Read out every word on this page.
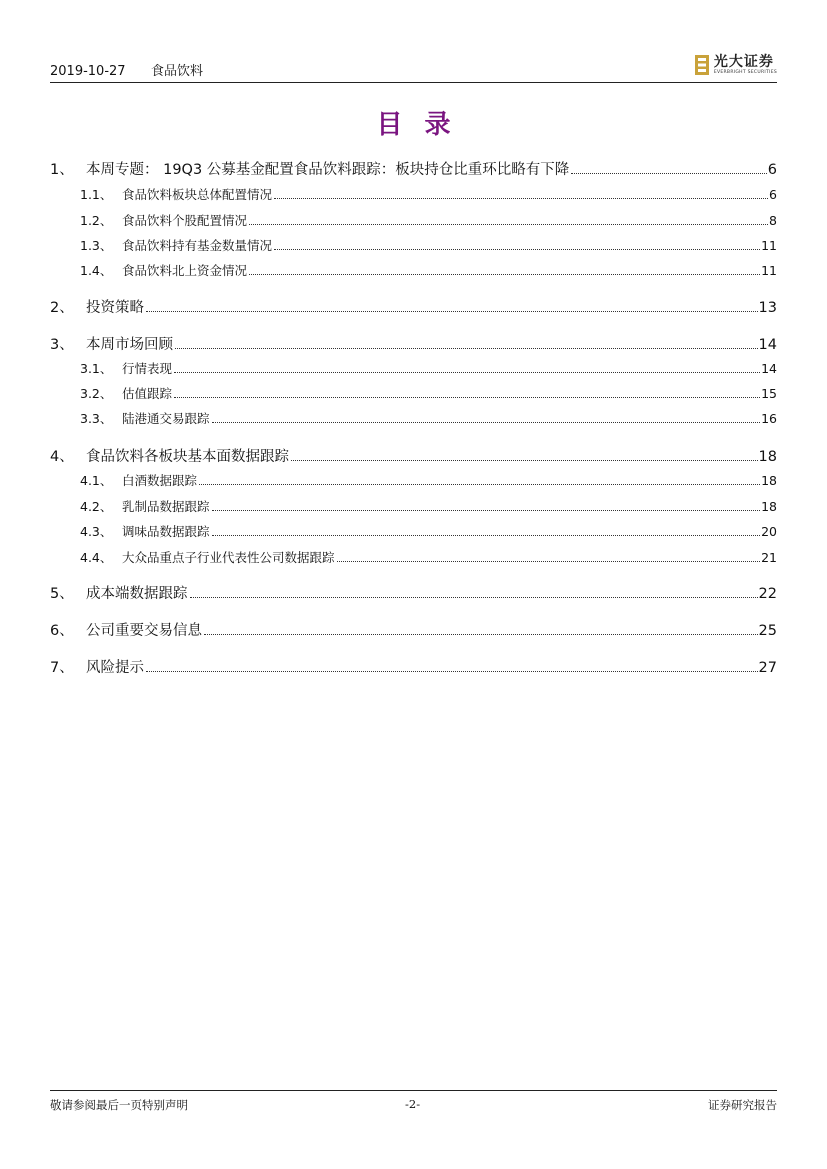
2019-10-27 食品饮料
光大证券
EVERBRIGHT SECURITIES
目录
1、 本周专题： 19Q3 公募基金配置食品饮料跟踪：板块持仓比重环比略有下降	6
1.1、 食品饮料板块总体配置情况	6
1.2、 食品饮料个股配置情况	8
1.3、 食品饮料持有基金数量情况	11
1.4、 食品饮料北上资金情况	11
2、 投资策略	13
3、 本周市场回顾	14
3.1、 行情表现	14
3.2、 估值跟踪	15
3.3、 陆港通交易跟踪	16
4、 食品饮料各板块基本面数据跟踪	18
4.1、 白酒数据跟踪	18
4.2、 乳制品数据跟踪	18
4.3、 调味品数据跟踪	20
4.4、 大众品重点子行业代表性公司数据跟踪	21
5、 成本端数据跟踪	22
6、 公司重要交易信息	25
7、 风险提示	27
敬请参阅最后一页特别声明	-2-	证券研究报告
